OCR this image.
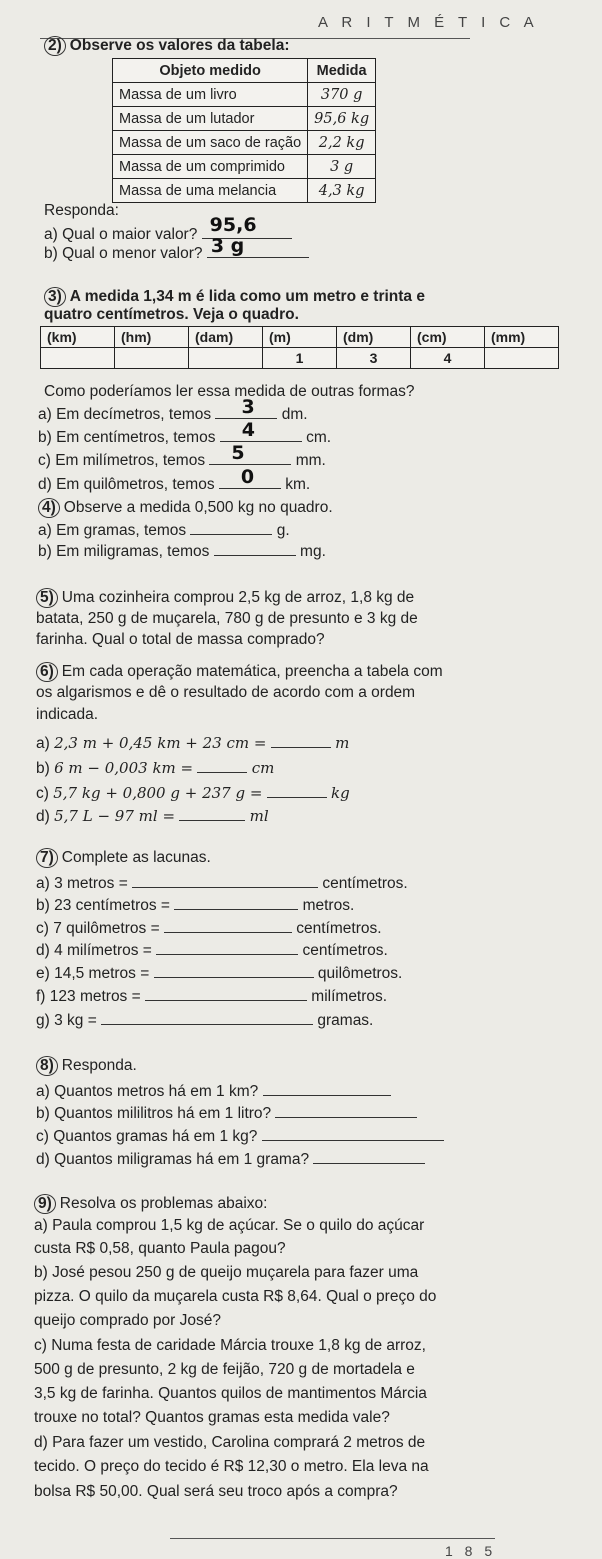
A R I T M É T I C A
2) Observe os valores da tabela:
Objeto medido	Medida
Massa de um livro	370 g
Massa de um lutador	95,6 kg
Massa de um saco de ração	2,2 kg
Massa de um comprimido	3 g
Massa de uma melancia	4,3 kg
Responda:
a) Qual o maior valor? 95,6
b) Qual o menor valor? 3 g
3) A medida 1,34 m é lida como um metro e trinta e
quatro centímetros. Veja o quadro.
(km)	(hm)	(dam)	(m)	(dm)	(cm)	(mm)
			1	3	4	
Como poderíamos ler essa medida de outras formas?
a) Em decímetros, temos 3 dm.
b) Em centímetros, temos 4	cm.
c) Em milímetros, temos 5	mm.
d) Em quilômetros, temos 0 km.
4) Observe a medida 0,500 kg no quadro.
a) Em gramas, temos	g.
b) Em miligramas, temos	mg.
5) Uma cozinheira comprou 2,5 kg de arroz, 1,8 kg de
batata, 250 g de muçarela, 780 g de presunto e 3 kg de
farinha. Qual o total de massa comprado?
6) Em cada operação matemática, preencha a tabela com
os algarismos e dê o resultado de acordo com a ordem
indicada.
a) 2,3 m + 0,45 km + 23 cm =	m
b) 6 m − 0,003 km =	cm
c) 5,7 kg + 0,800 g + 237 g =	kg
d) 5,7 L − 97 ml =	ml
7) Complete as lacunas.
a) 3 metros =	centímetros.
b) 23 centímetros =	metros.
c) 7 quilômetros =	centímetros.
d) 4 milímetros =	centímetros.
e) 14,5 metros =	quilômetros.
f) 123 metros =	milímetros.
g) 3 kg =	gramas.
8) Responda.
a) Quantos metros há em 1 km?
b) Quantos mililitros há em 1 litro?
c) Quantos gramas há em 1 kg?
d) Quantos miligramas há em 1 grama?
9) Resolva os problemas abaixo:
a) Paula comprou 1,5 kg de açúcar. Se o quilo do açúcar
custa R$ 0,58, quanto Paula pagou?
b) José pesou 250 g de queijo muçarela para fazer uma
pizza. O quilo da muçarela custa R$ 8,64. Qual o preço do
queijo comprado por José?
c) Numa festa de caridade Márcia trouxe 1,8 kg de arroz,
500 g de presunto, 2 kg de feijão, 720 g de mortadela e
3,5 kg de farinha. Quantos quilos de mantimentos Márcia
trouxe no total? Quantos gramas esta medida vale?
d) Para fazer um vestido, Carolina comprará 2 metros de
tecido. O preço do tecido é R$ 12,30 o metro. Ela leva na
bolsa R$ 50,00. Qual será seu troco após a compra?
1 8 5
